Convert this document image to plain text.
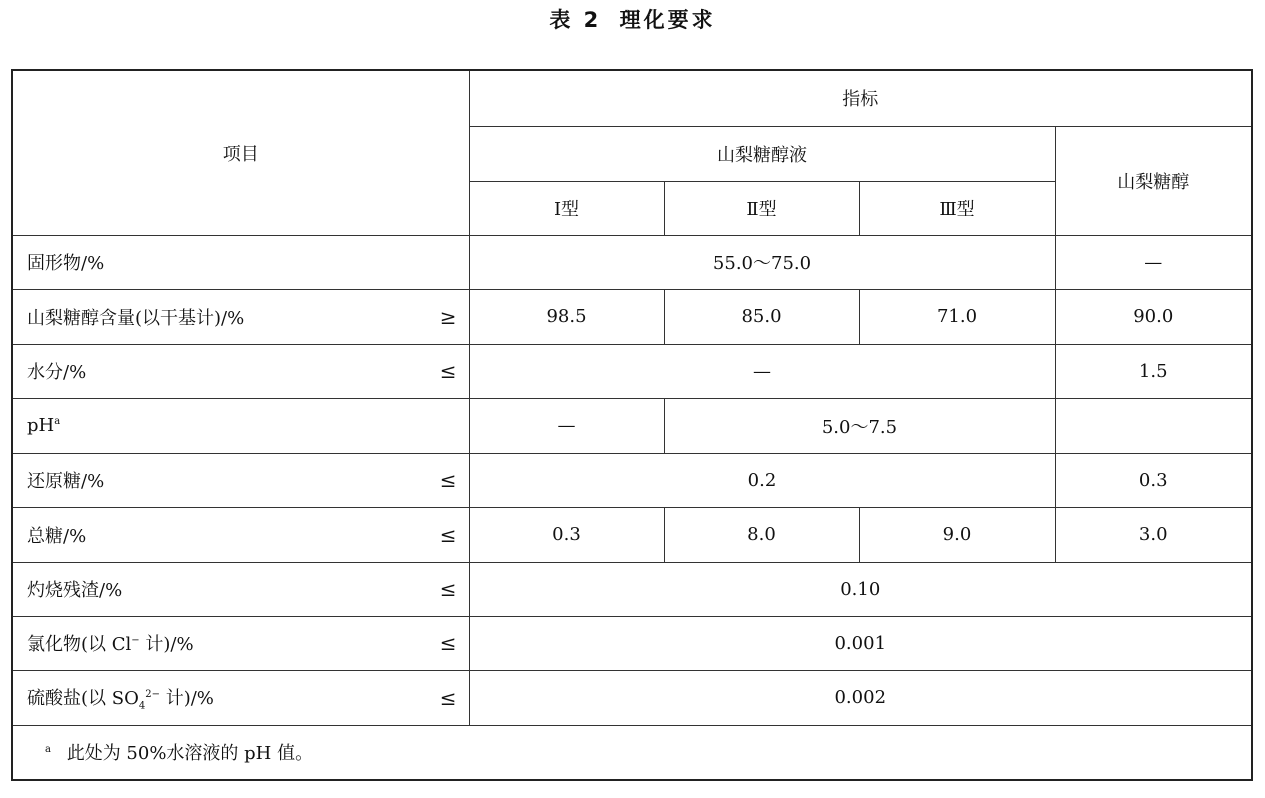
表 2 理化要求
项目	指标			
	山梨糖醇液			山梨糖醇
	Ⅰ型	Ⅱ型	Ⅲ型	
固形物/%	55.0～75.0			—
山梨糖醇含量(以干基计)/% ≥	98.5	85.0	71.0	90.0
水分/% ≤	—			1.5
$pH^a$	—	5.0～7.5		
还原糖/% ≤	0.2			0.3
总糖/% ≤	0.3	8.0	9.0	3.0
灼烧残渣/% ≤	0.10			
氯化物(以 Cl− 计)/% ≤	0.001			
硫酸盐(以 $SO_4^{2-}$ 计)/% ≤	0.002			
$^a$ 此处为 50%水溶液的 pH 值。				
